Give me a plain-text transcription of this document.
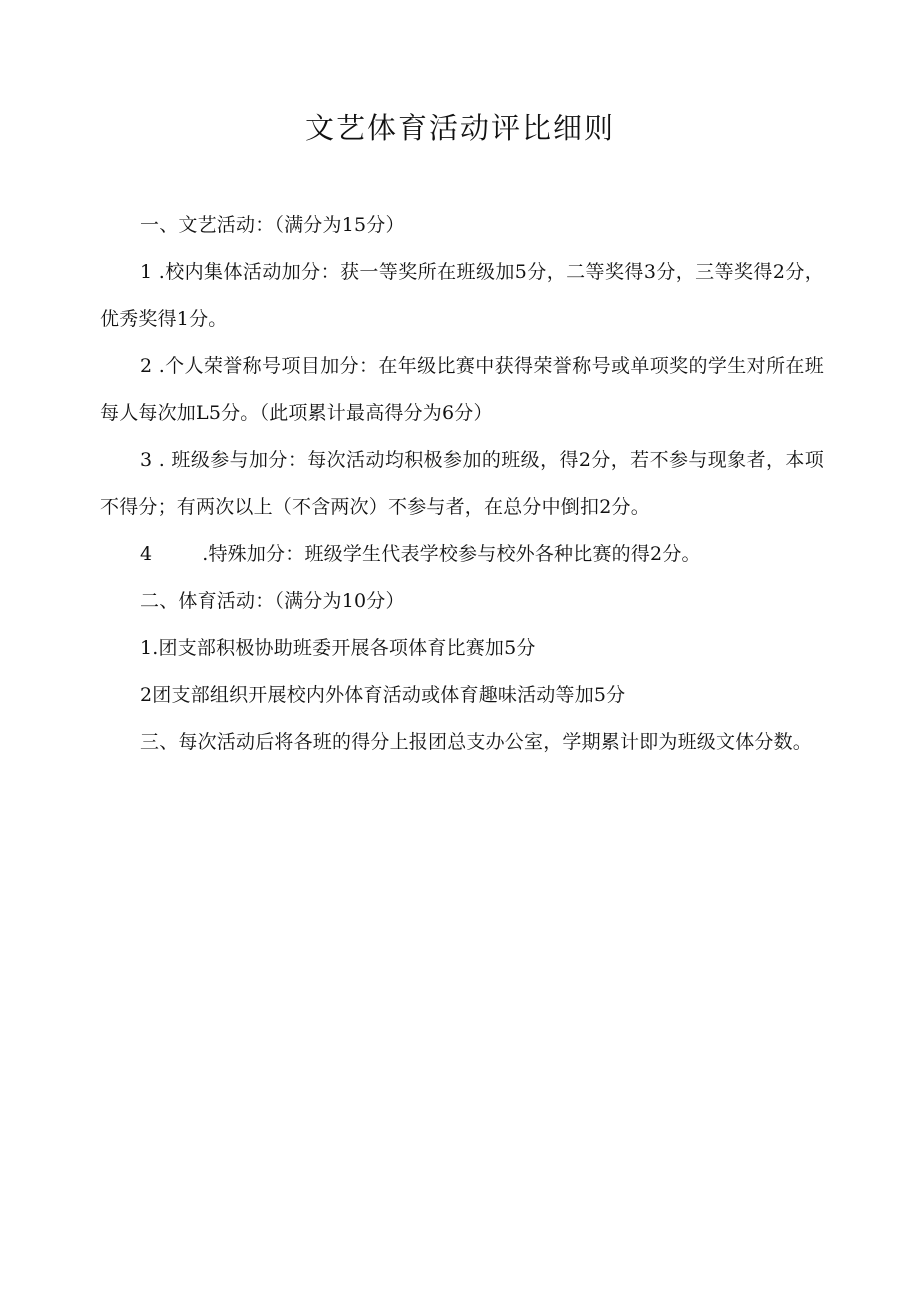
文艺体育活动评比细则

一、文艺活动：（满分为15分）

1 .校内集体活动加分：获一等奖所在班级加5分，二等奖得3分，三等奖得2分，优秀奖得1分。

2 .个人荣誉称号项目加分：在年级比赛中获得荣誉称号或单项奖的学生对所在班每人每次加L5分。（此项累计最高得分为6分）

3 . 班级参与加分：每次活动均积极参加的班级，得2分，若不参与现象者，本项不得分；有两次以上（不含两次）不参与者，在总分中倒扣2分。

4        .特殊加分：班级学生代表学校参与校外各种比赛的得2分。

二、体育活动：（满分为10分）

1.团支部积极协助班委开展各项体育比赛加5分

2团支部组织开展校内外体育活动或体育趣味活动等加5分

三、每次活动后将各班的得分上报团总支办公室，学期累计即为班级文体分数。
